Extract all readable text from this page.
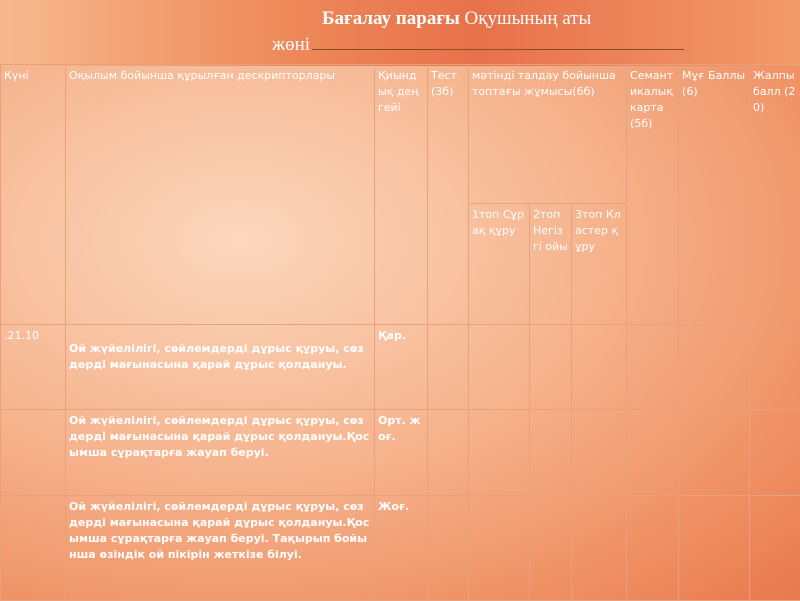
Бағалау парағы Оқушының аты
жөні
Күні	Оқылым бойынша құрылған дескрипторлары	Қиындық деңгейі	Тест (3б)	мәтінді талдау бойынша топтағы жұмысы(6б)			Семантикалық карта (5б)	Мұғ Баллы (6)	Жалпы балл (20)
				1топ Сұрақ құру	2топ Негізгі ойы	3топ Кластер құру			
.21.10	Ой жүйелілігі, сөйлемдерді дұрыс құруы, сөздерді мағынасына қарай дұрыс қолдануы.	Қар.							
	Ой жүйелілігі, сөйлемдерді дұрыс құруы, сөздерді мағынасына қарай дұрыс қолдануы.Қосымша сұрақтарға жауап беруі.	Орт. жоғ.							
	Ой жүйелілігі, сөйлемдерді дұрыс құруы, сөздерді мағынасына қарай дұрыс қолдануы.Қосымша сұрақтарға жауап беруі. Тақырып бойынша өзіндік ой пікірін жеткізе білуі.	Жоғ.							
